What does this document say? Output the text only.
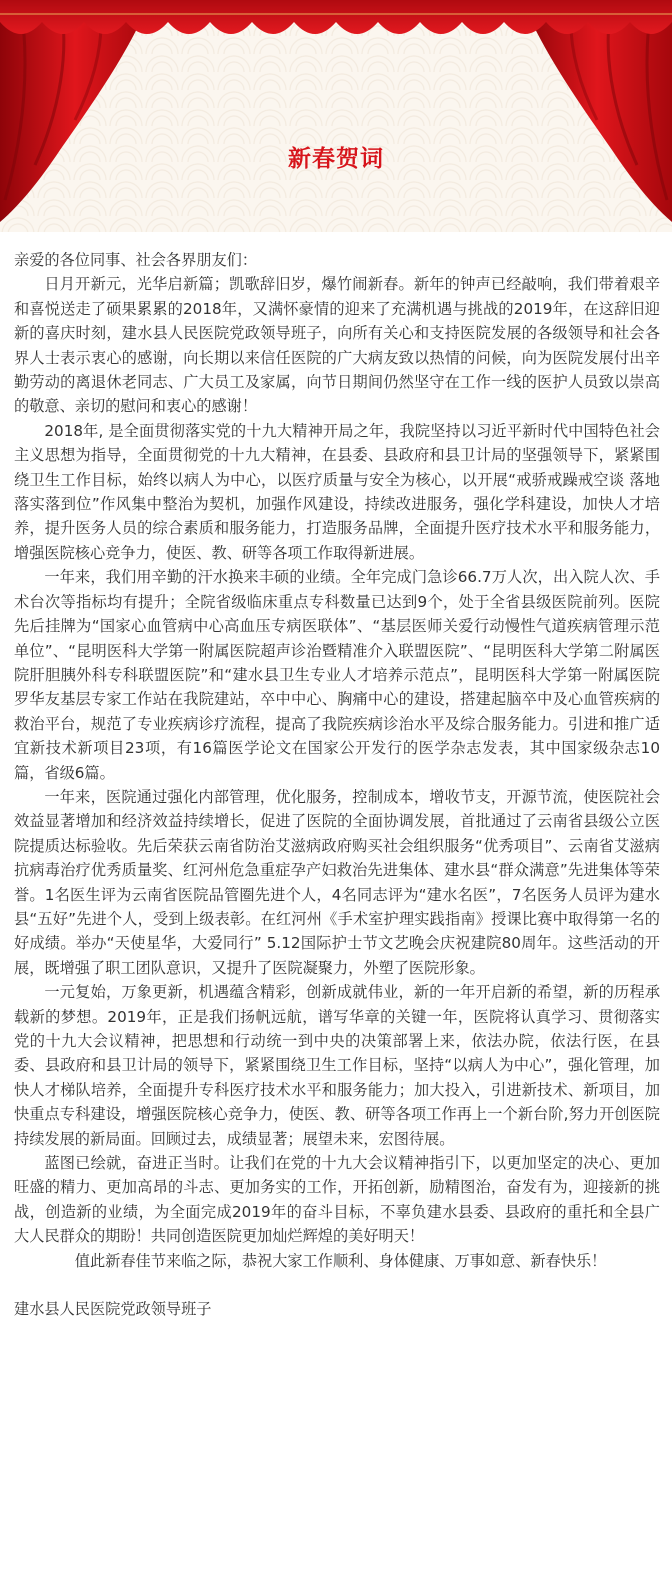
新春贺词

亲爱的各位同事、社会各界朋友们：

日月开新元，光华启新篇；凯歌辞旧岁，爆竹闹新春。新年的钟声已经敲响，我们带着艰辛和喜悦送走了硕果累累的2018年，又满怀豪情的迎来了充满机遇与挑战的2019年，在这辞旧迎新的喜庆时刻，建水县人民医院党政领导班子，向所有关心和支持医院发展的各级领导和社会各界人士表示衷心的感谢，向长期以来信任医院的广大病友致以热情的问候，向为医院发展付出辛勤劳动的离退休老同志、广大员工及家属，向节日期间仍然坚守在工作一线的医护人员致以崇高的敬意、亲切的慰问和衷心的感谢！

2018年, 是全面贯彻落实党的十九大精神开局之年，我院坚持以习近平新时代中国特色社会主义思想为指导，全面贯彻党的十九大精神，在县委、县政府和县卫计局的坚强领导下，紧紧围绕卫生工作目标，始终以病人为中心，以医疗质量与安全为核心，以开展“戒骄戒躁戒空谈 落地落实落到位”作风集中整治为契机，加强作风建设，持续改进服务，强化学科建设，加快人才培养，提升医务人员的综合素质和服务能力，打造服务品牌，全面提升医疗技术水平和服务能力，增强医院核心竞争力，使医、教、研等各项工作取得新进展。

一年来，我们用辛勤的汗水换来丰硕的业绩。全年完成门急诊66.7万人次，出入院人次、手术台次等指标均有提升；全院省级临床重点专科数量已达到9个，处于全省县级医院前列。医院先后挂牌为“国家心血管病中心高血压专病医联体”、“基层医师关爱行动慢性气道疾病管理示范单位”、“昆明医科大学第一附属医院超声诊治暨精准介入联盟医院”、“昆明医科大学第二附属医院肝胆胰外科专科联盟医院”和“建水县卫生专业人才培养示范点”，昆明医科大学第一附属医院罗华友基层专家工作站在我院建站，卒中中心、胸痛中心的建设，搭建起脑卒中及心血管疾病的救治平台，规范了专业疾病诊疗流程，提高了我院疾病诊治水平及综合服务能力。引进和推广适宜新技术新项目23项，有16篇医学论文在国家公开发行的医学杂志发表，其中国家级杂志10篇，省级6篇。

一年来，医院通过强化内部管理，优化服务，控制成本，增收节支，开源节流，使医院社会效益显著增加和经济效益持续增长，促进了医院的全面协调发展，首批通过了云南省县级公立医院提质达标验收。先后荣获云南省防治艾滋病政府购买社会组织服务“优秀项目”、云南省艾滋病抗病毒治疗优秀质量奖、红河州危急重症孕产妇救治先进集体、建水县“群众满意”先进集体等荣誉。1名医生评为云南省医院品管圈先进个人，4名同志评为“建水名医”，7名医务人员评为建水县“五好”先进个人，受到上级表彰。在红河州《手术室护理实践指南》授课比赛中取得第一名的好成绩。举办“天使星华，大爱同行” 5.12国际护士节文艺晚会庆祝建院80周年。这些活动的开展，既增强了职工团队意识，又提升了医院凝聚力，外塑了医院形象。

一元复始，万象更新，机遇蕴含精彩，创新成就伟业，新的一年开启新的希望，新的历程承载新的梦想。2019年，正是我们扬帆远航，谱写华章的关键一年，医院将认真学习、贯彻落实党的十九大会议精神，把思想和行动统一到中央的决策部署上来，依法办院，依法行医，在县委、县政府和县卫计局的领导下，紧紧围绕卫生工作目标，坚持“以病人为中心”，强化管理，加快人才梯队培养，全面提升专科医疗技术水平和服务能力；加大投入，引进新技术、新项目，加快重点专科建设，增强医院核心竞争力，使医、教、研等各项工作再上一个新台阶,努力开创医院持续发展的新局面。回顾过去，成绩显著；展望未来，宏图待展。

蓝图已绘就，奋进正当时。让我们在党的十九大会议精神指引下，以更加坚定的决心、更加旺盛的精力、更加高昂的斗志、更加务实的工作，开拓创新，励精图治，奋发有为，迎接新的挑战，创造新的业绩，为全面完成2019年的奋斗目标，不辜负建水县委、县政府的重托和全县广大人民群众的期盼！共同创造医院更加灿烂辉煌的美好明天！

值此新春佳节来临之际，恭祝大家工作顺利、身体健康、万事如意、新春快乐！

建水县人民医院党政领导班子
